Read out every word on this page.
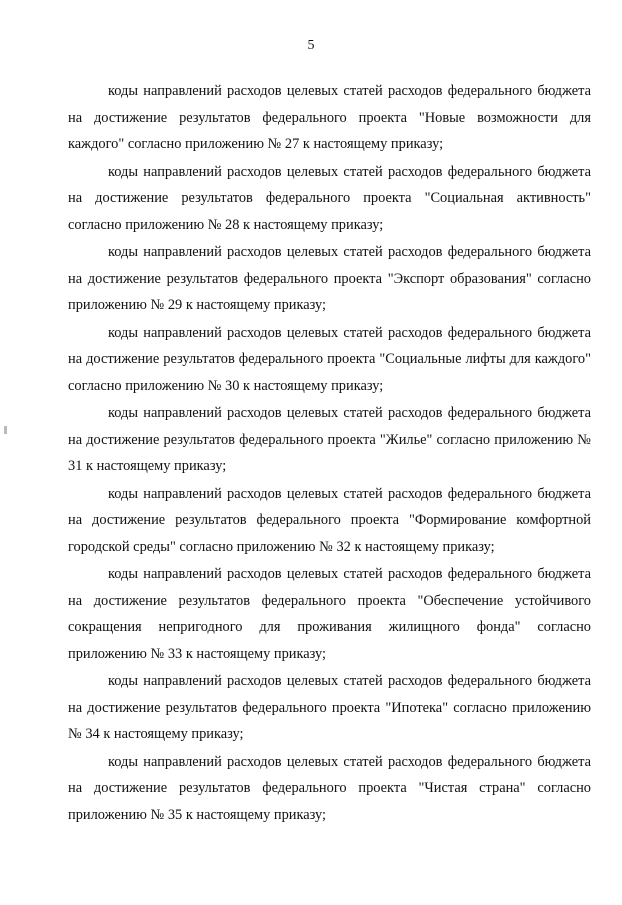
5

коды направлений расходов целевых статей расходов федерального бюджета на достижение результатов федерального проекта "Новые возможности для каждого" согласно приложению № 27 к настоящему приказу;

коды направлений расходов целевых статей расходов федерального бюджета на достижение результатов федерального проекта "Социальная активность" согласно приложению № 28 к настоящему приказу;

коды направлений расходов целевых статей расходов федерального бюджета на достижение результатов федерального проекта "Экспорт образования" согласно приложению № 29 к настоящему приказу;

коды направлений расходов целевых статей расходов федерального бюджета на достижение результатов федерального проекта "Социальные лифты для каждого" согласно приложению № 30 к настоящему приказу;

коды направлений расходов целевых статей расходов федерального бюджета на достижение результатов федерального проекта "Жилье" согласно приложению № 31 к настоящему приказу;

коды направлений расходов целевых статей расходов федерального бюджета на достижение результатов федерального проекта "Формирование комфортной городской среды" согласно приложению № 32 к настоящему приказу;

коды направлений расходов целевых статей расходов федерального бюджета на достижение результатов федерального проекта "Обеспечение устойчивого сокращения непригодного для проживания жилищного фонда" согласно приложению № 33 к настоящему приказу;

коды направлений расходов целевых статей расходов федерального бюджета на достижение результатов федерального проекта "Ипотека" согласно приложению № 34 к настоящему приказу;

коды направлений расходов целевых статей расходов федерального бюджета на достижение результатов федерального проекта "Чистая страна" согласно приложению № 35 к настоящему приказу;
